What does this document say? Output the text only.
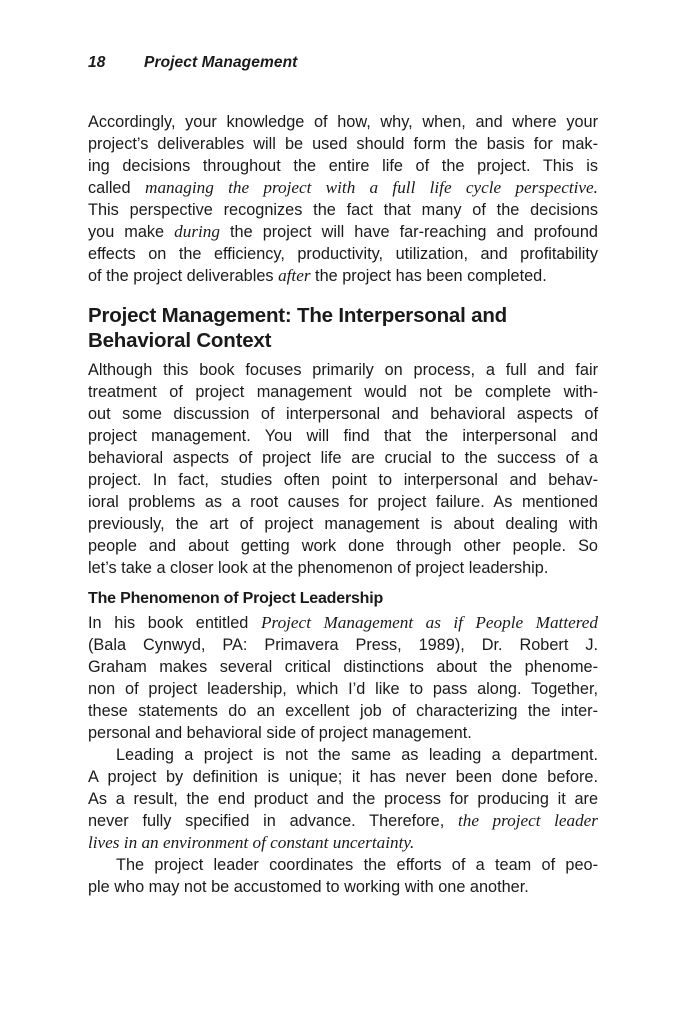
18 Project Management
Accordingly, your knowledge of how, why, when, and where your
project’s deliverables will be used should form the basis for mak-
ing decisions throughout the entire life of the project. This is
called managing the project with a full life cycle perspective.
This perspective recognizes the fact that many of the decisions
you make during the project will have far-reaching and profound
effects on the efficiency, productivity, utilization, and profitability
of the project deliverables after the project has been completed.
Project Management: The Interpersonal and
Behavioral Context
Although this book focuses primarily on process, a full and fair
treatment of project management would not be complete with-
out some discussion of interpersonal and behavioral aspects of
project management. You will find that the interpersonal and
behavioral aspects of project life are crucial to the success of a
project. In fact, studies often point to interpersonal and behav-
ioral problems as a root causes for project failure. As mentioned
previously, the art of project management is about dealing with
people and about getting work done through other people. So
let’s take a closer look at the phenomenon of project leadership.
The Phenomenon of Project Leadership
In his book entitled Project Management as if People Mattered
(Bala Cynwyd, PA: Primavera Press, 1989), Dr. Robert J.
Graham makes several critical distinctions about the phenome-
non of project leadership, which I’d like to pass along. Together,
these statements do an excellent job of characterizing the inter-
personal and behavioral side of project management.
Leading a project is not the same as leading a department.
A project by definition is unique; it has never been done before.
As a result, the end product and the process for producing it are
never fully specified in advance. Therefore, the project leader
lives in an environment of constant uncertainty.
The project leader coordinates the efforts of a team of peo-
ple who may not be accustomed to working with one another.
